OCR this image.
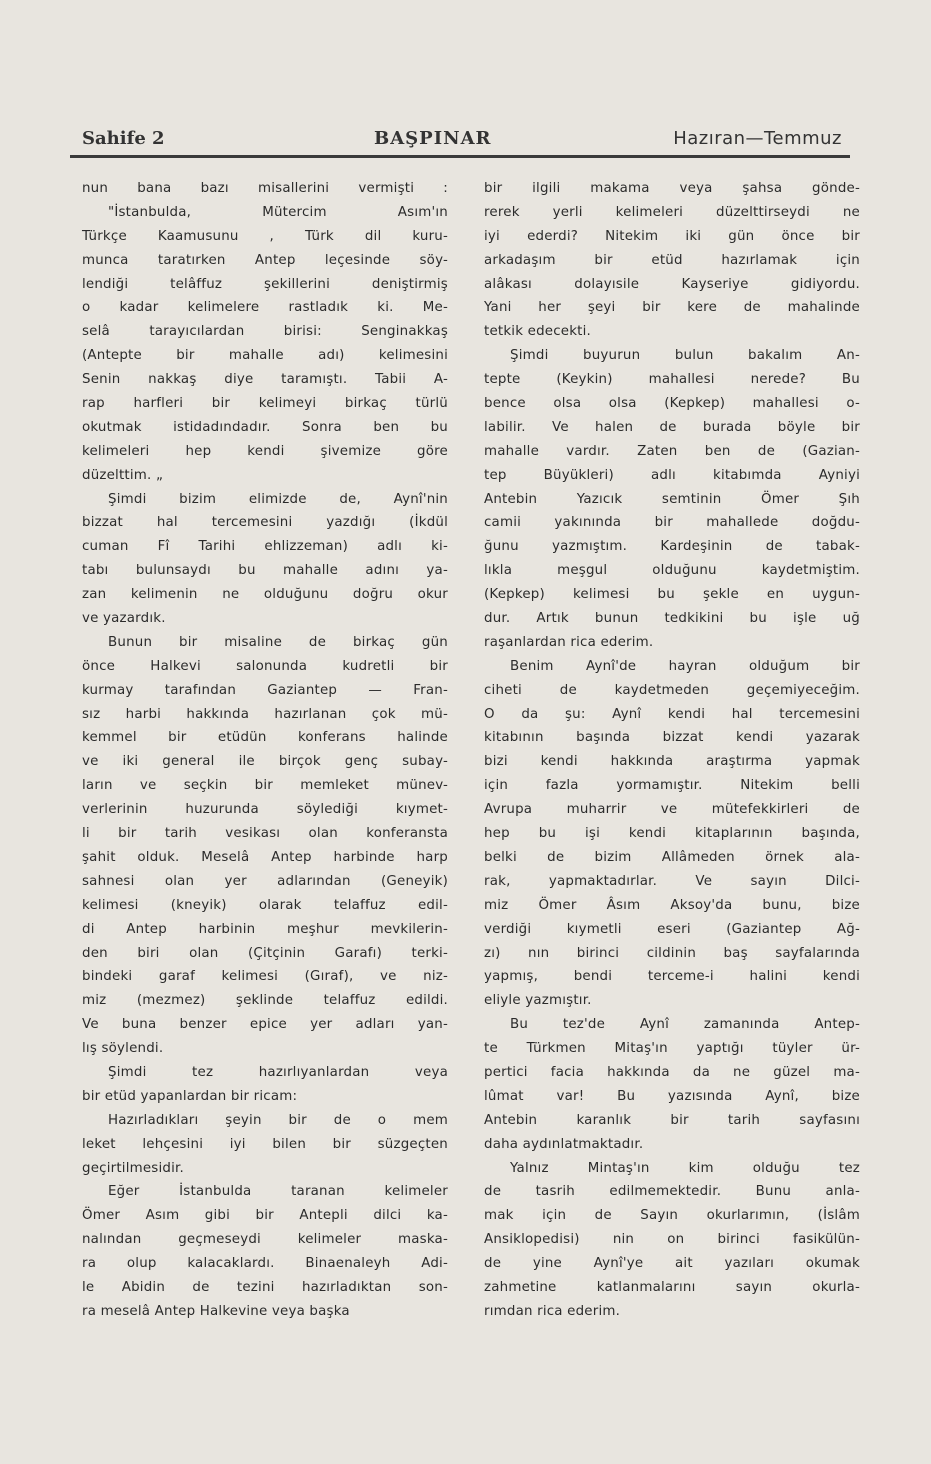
Sahife 2	BAŞPINAR	Hazıran—Temmuz
nun bana bazı misallerini vermişti :
"İstanbulda, Mütercim Asım'ın
Türkçe Kaamusunu , Türk dil kuru-
munca taratırken Antep leçesinde söy-
lendiği telâffuz şekillerini deniştirmiş
o kadar kelimelere rastladık ki. Me-
selâ tarayıcılardan birisi: Senginakkaş
(Antepte bir mahalle adı) kelimesini
Senin nakkaş diye taramıştı. Tabii A-
rap harfleri bir kelimeyi birkaç türlü
okutmak istidadındadır. Sonra ben bu
kelimeleri hep kendi şivemize göre
düzelttim. „
Şimdi bizim elimizde de, Aynî'nin
bizzat hal tercemesini yazdığı (İkdül
cuman Fî Tarihi ehlizzeman) adlı ki-
tabı bulunsaydı bu mahalle adını ya-
zan kelimenin ne olduğunu doğru okur
ve yazardık.
Bunun bir misaline de birkaç gün
önce Halkevi salonunda kudretli bir
kurmay tarafından Gaziantep — Fran-
sız harbi hakkında hazırlanan çok mü-
kemmel bir etüdün konferans halinde
ve iki general ile birçok genç subay-
ların ve seçkin bir memleket münev-
verlerinin huzurunda söylediği kıymet-
li bir tarih vesikası olan konferansta
şahit olduk. Meselâ Antep harbinde harp
sahnesi olan yer adlarından (Geneyik)
kelimesi (kneyik) olarak telaffuz edil-
di Antep harbinin meşhur mevkilerin-
den biri olan (Çitçinin Garafı) terki-
bindeki garaf kelimesi (Gıraf), ve niz-
miz (mezmez) şeklinde telaffuz edildi.
Ve buna benzer epice yer adları yan-
lış söylendi.
Şimdi tez hazırlıyanlardan veya
bir etüd yapanlardan bir ricam:
Hazırladıkları şeyin bir de o mem
leket lehçesini iyi bilen bir süzgeçten
geçirtilmesidir.
Eğer İstanbulda taranan kelimeler
Ömer Asım gibi bir Antepli dilci ka-
nalından geçmeseydi kelimeler maska-
ra olup kalacaklardı. Binaenaleyh Adi-
le Abidin de tezini hazırladıktan son-
ra meselâ Antep Halkevine veya başka
bir ilgili makama veya şahsa gönde-
rerek yerli kelimeleri düzelttirseydi ne
iyi ederdi? Nitekim iki gün önce bir
arkadaşım bir etüd hazırlamak için
alâkası dolayısile Kayseriye gidiyordu.
Yani her şeyi bir kere de mahalinde
tetkik edecekti.
Şimdi buyurun bulun bakalım An-
tepte (Keykin) mahallesi nerede? Bu
bence olsa olsa (Kepkep) mahallesi o-
labilir. Ve halen de burada böyle bir
mahalle vardır. Zaten ben de (Gazian-
tep Büyükleri) adlı kitabımda Ayniyi
Antebin Yazıcık semtinin Ömer Şıh
camii yakınında bir mahallede doğdu-
ğunu yazmıştım. Kardeşinin de tabak-
lıkla meşgul olduğunu kaydetmiştim.
(Kepkep) kelimesi bu şekle en uygun-
dur. Artık bunun tedkikini bu işle uğ
raşanlardan rica ederim.
Benim Aynî'de hayran olduğum bir
ciheti de kaydetmeden geçemiyeceğim.
O da şu: Aynî kendi hal tercemesini
kitabının başında bizzat kendi yazarak
bizi kendi hakkında araştırma yapmak
için fazla yormamıştır. Nitekim belli
Avrupa muharrir ve mütefekkirleri de
hep bu işi kendi kitaplarının başında,
belki de bizim Allâmeden örnek ala-
rak, yapmaktadırlar. Ve sayın Dilci-
miz Ömer Âsım Aksoy'da bunu, bize
verdiği kıymetli eseri (Gaziantep Ağ-
zı) nın birinci cildinin baş sayfalarında
yapmış, bendi terceme-i halini kendi
eliyle yazmıştır.
Bu tez'de Aynî zamanında Antep-
te Türkmen Mitaş'ın yaptığı tüyler ür-
pertici facia hakkında da ne güzel ma-
lûmat var! Bu yazısında Aynî, bize
Antebin karanlık bir tarih sayfasını
daha aydınlatmaktadır.
Yalnız Mintaş'ın kim olduğu tez
de tasrih edilmemektedir. Bunu anla-
mak için de Sayın okurlarımın, (İslâm
Ansiklopedisi) nin on birinci fasikülün-
de yine Aynî'ye ait yazıları okumak
zahmetine katlanmalarını sayın okurla-
rımdan rica ederim.
